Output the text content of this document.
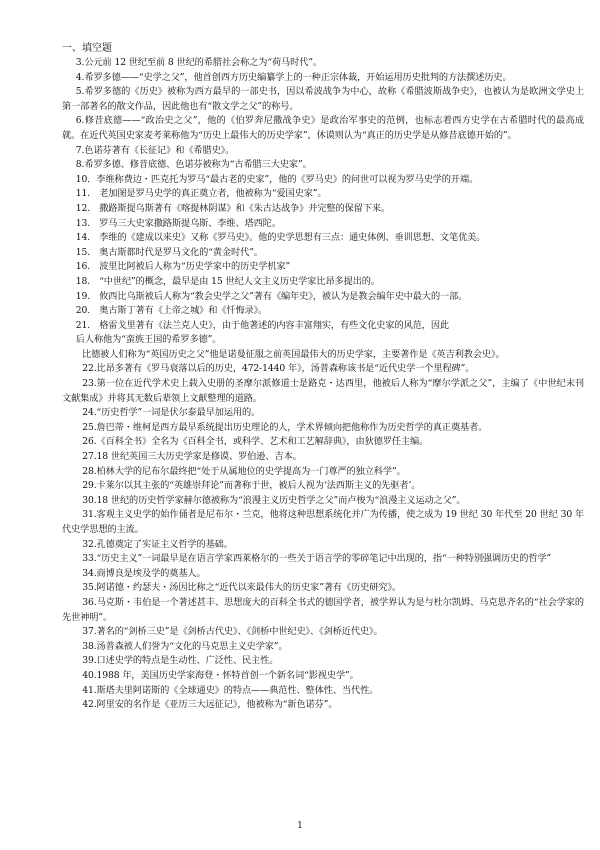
一、填空题

3.公元前 12 世纪至前 8 世纪的希腊社会称之为“荷马时代”。

4.希罗多德——“史学之父”，他首创西方历史编纂学上的一种正宗体裁，开始运用历史批判的方法撰述历史。

5.希罗多德的《历史》被称为西方最早的一部史书，因以希波战争为中心，故称《希腊波斯战争史》，也被认为是欧洲文学史上第一部著名的散文作品，因此他也有“散文学之父”的称号。

6.修昔底德——“政治史之父”，他的《伯罗奔尼撒战争史》是政治军事史的范例，也标志着西方史学在古希腊时代的最高成就。在近代英国史家麦考莱称他为“历史上最伟大的历史学家”，休谟则认为“真正的历史学是从修昔底德开始的”。

7.色诺芬著有《长征记》和《希腊史》。

8.希罗多德、修昔底德、色诺芬被称为“古希腊三大史家”。

10．李维称费边・匹克托为罗马“最古老的史家”，他的《罗马史》的问世可以视为罗马史学的开端。

11.　老加图是罗马史学的真正奠立者，他被称为“爱国史家”。

12.　撒路斯提乌斯著有《喀提林阴谋》和《朱古达战争》并完整的保留下来。

13.　罗马三大史家撒路斯提乌斯、李维、塔西陀。

14.　李维的《建成以来史》又称《罗马史》。他的史学思想有三点：通史体例、垂训思想、文笔优美。

15.　奥古斯都时代是罗马文化的“黄金时代”。

16.　波里比阿被后人称为“历史学家中的历史学机家”

18.　“中世纪”的概念，最早是由 15 世纪人文主义历史学家比昂多提出的。

19.　攸西比乌斯被后人称为“教会史学之父”著有《编年史》，被认为是教会编年史中最大的一部。

20.　奥古斯丁著有《上帝之城》和《忏悔录》。

21.　格雷戈里著有《法兰克人史》，由于他著述的内容丰富翔实，有些文化史家的风范，因此

后人称他为“蛮族王国的希罗多德”。

比德被人们称为“英国历史之父”他是诺曼征服之前英国最伟大的历史学家，主要著作是《英吉利教会史》。

22.比昂多著有《罗马衰落以后的历史，472-1440 年》，汤普森称该书是“近代史学一个里程碑”。

23.第一位在近代学术史上载入史册的圣摩尔派修道士是路克・达西里，他被后人称为“摩尔学派之父”，主编了《中世纪末刊文献集成》并将其无数后辈领上文献整理的道路。

24.“历史哲学”一词是伏尔泰最早加运用的。

25.詹巴蒂・维柯是西方最早系统提出历史理论的人，学术界倾向把他称作为历史哲学的真正奠基者。

26.《百科全书》全名为《百科全书，或科学、艺术和工艺解辞典》，由狄德罗任主编。

27.18 世纪英国三大历史学家是修谟、罗伯逊、吉本。

28.柏林大学的尼布尔最终把“处于从属地位的史学提高为一门尊严的独立科学”。

29.卡莱尔以其主张的“英雄崇拜论”而著称于世，被后人视为‘法西斯主义的先驱者’。

30.18 世纪的历史哲学家赫尔德被称为“浪漫主义历史哲学之父”而卢梭为“浪漫主义运动之父”。

31.客观主义史学的始作俑者是尼布尔・兰克，他将这种思想系统化并广为传播，使之成为 19 世纪 30 年代至 20 世纪 30 年代史学思想的主流。

32.孔德奠定了实证主义哲学的基础。

33.“历史主义”一词最早是在语言学家西莱格尔的一些关于语言学的零碎笔记中出现的，指“一种特别强调历史的哲学”

34.商博良是埃及学的奠基人。

35.阿诺德・约瑟夫・汤因比称之“近代以来最伟大的历史家”著有《历史研究》。

36.马克斯・韦伯是一个著述甚丰、思想庞大的百科全书式的德国学者，被学界认为是与杜尔凯姆、马克思齐名的“社会学家的先世神明”。

37.著名的“剑桥三史”是《剑桥古代史》、《剑桥中世纪史》、《剑桥近代史》。

38.汤普森被人们誉为“文化的马克思主义史学家”。

39.口述史学的特点是生动性、广泛性、民主性。

40.1988 年，美国历史学家海登・怀特首创一个新名词“影视史学”。

41.斯塔夫里阿诺斯的《全球通史》的特点——典范性、整体性、当代性。

42.阿里安的名作是《亚历三大远征记》，他被称为“新色诺芬”。

1
